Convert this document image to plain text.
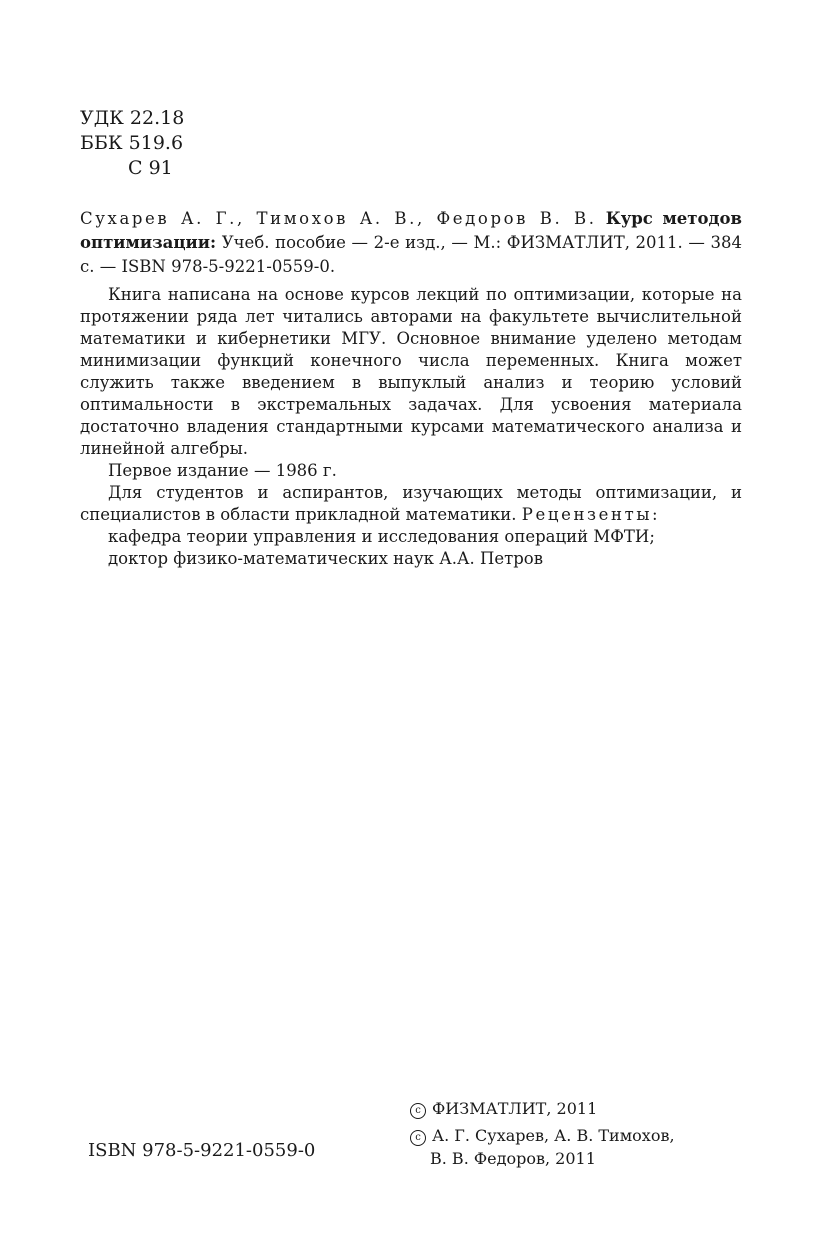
УДК 22.18
ББК 519.6
С 91
Сухарев А. Г., Тимохов А. В., Федоров В. В. Курс методов оптимизации: Учеб. пособие — 2-е изд., — М.: ФИЗМАТЛИТ, 2011. — 384 с. — ISBN 978-5-9221-0559-0.

Книга написана на основе курсов лекций по оптимизации, которые на протяжении ряда лет читались авторами на факультете вычислительной математики и кибернетики МГУ. Основное внимание уделено методам минимизации функций конечного числа переменных. Книга может служить также введением в выпуклый анализ и теорию условий оптимальности в экстремальных задачах. Для усвоения материала достаточно владения стандартными курсами математического анализа и линейной алгебры.

Первое издание — 1986 г.

Для студентов и аспирантов, изучающих методы оптимизации, и специалистов в области прикладной математики. Рецензенты:

кафедра теории управления и исследования операций МФТИ;
доктор физико-математических наук А.А. Петров
ISBN 978-5-9221-0559-0
c ФИЗМАТЛИТ, 2011
c А. Г. Сухарев, А. В. Тимохов,
В. В. Федоров, 2011
